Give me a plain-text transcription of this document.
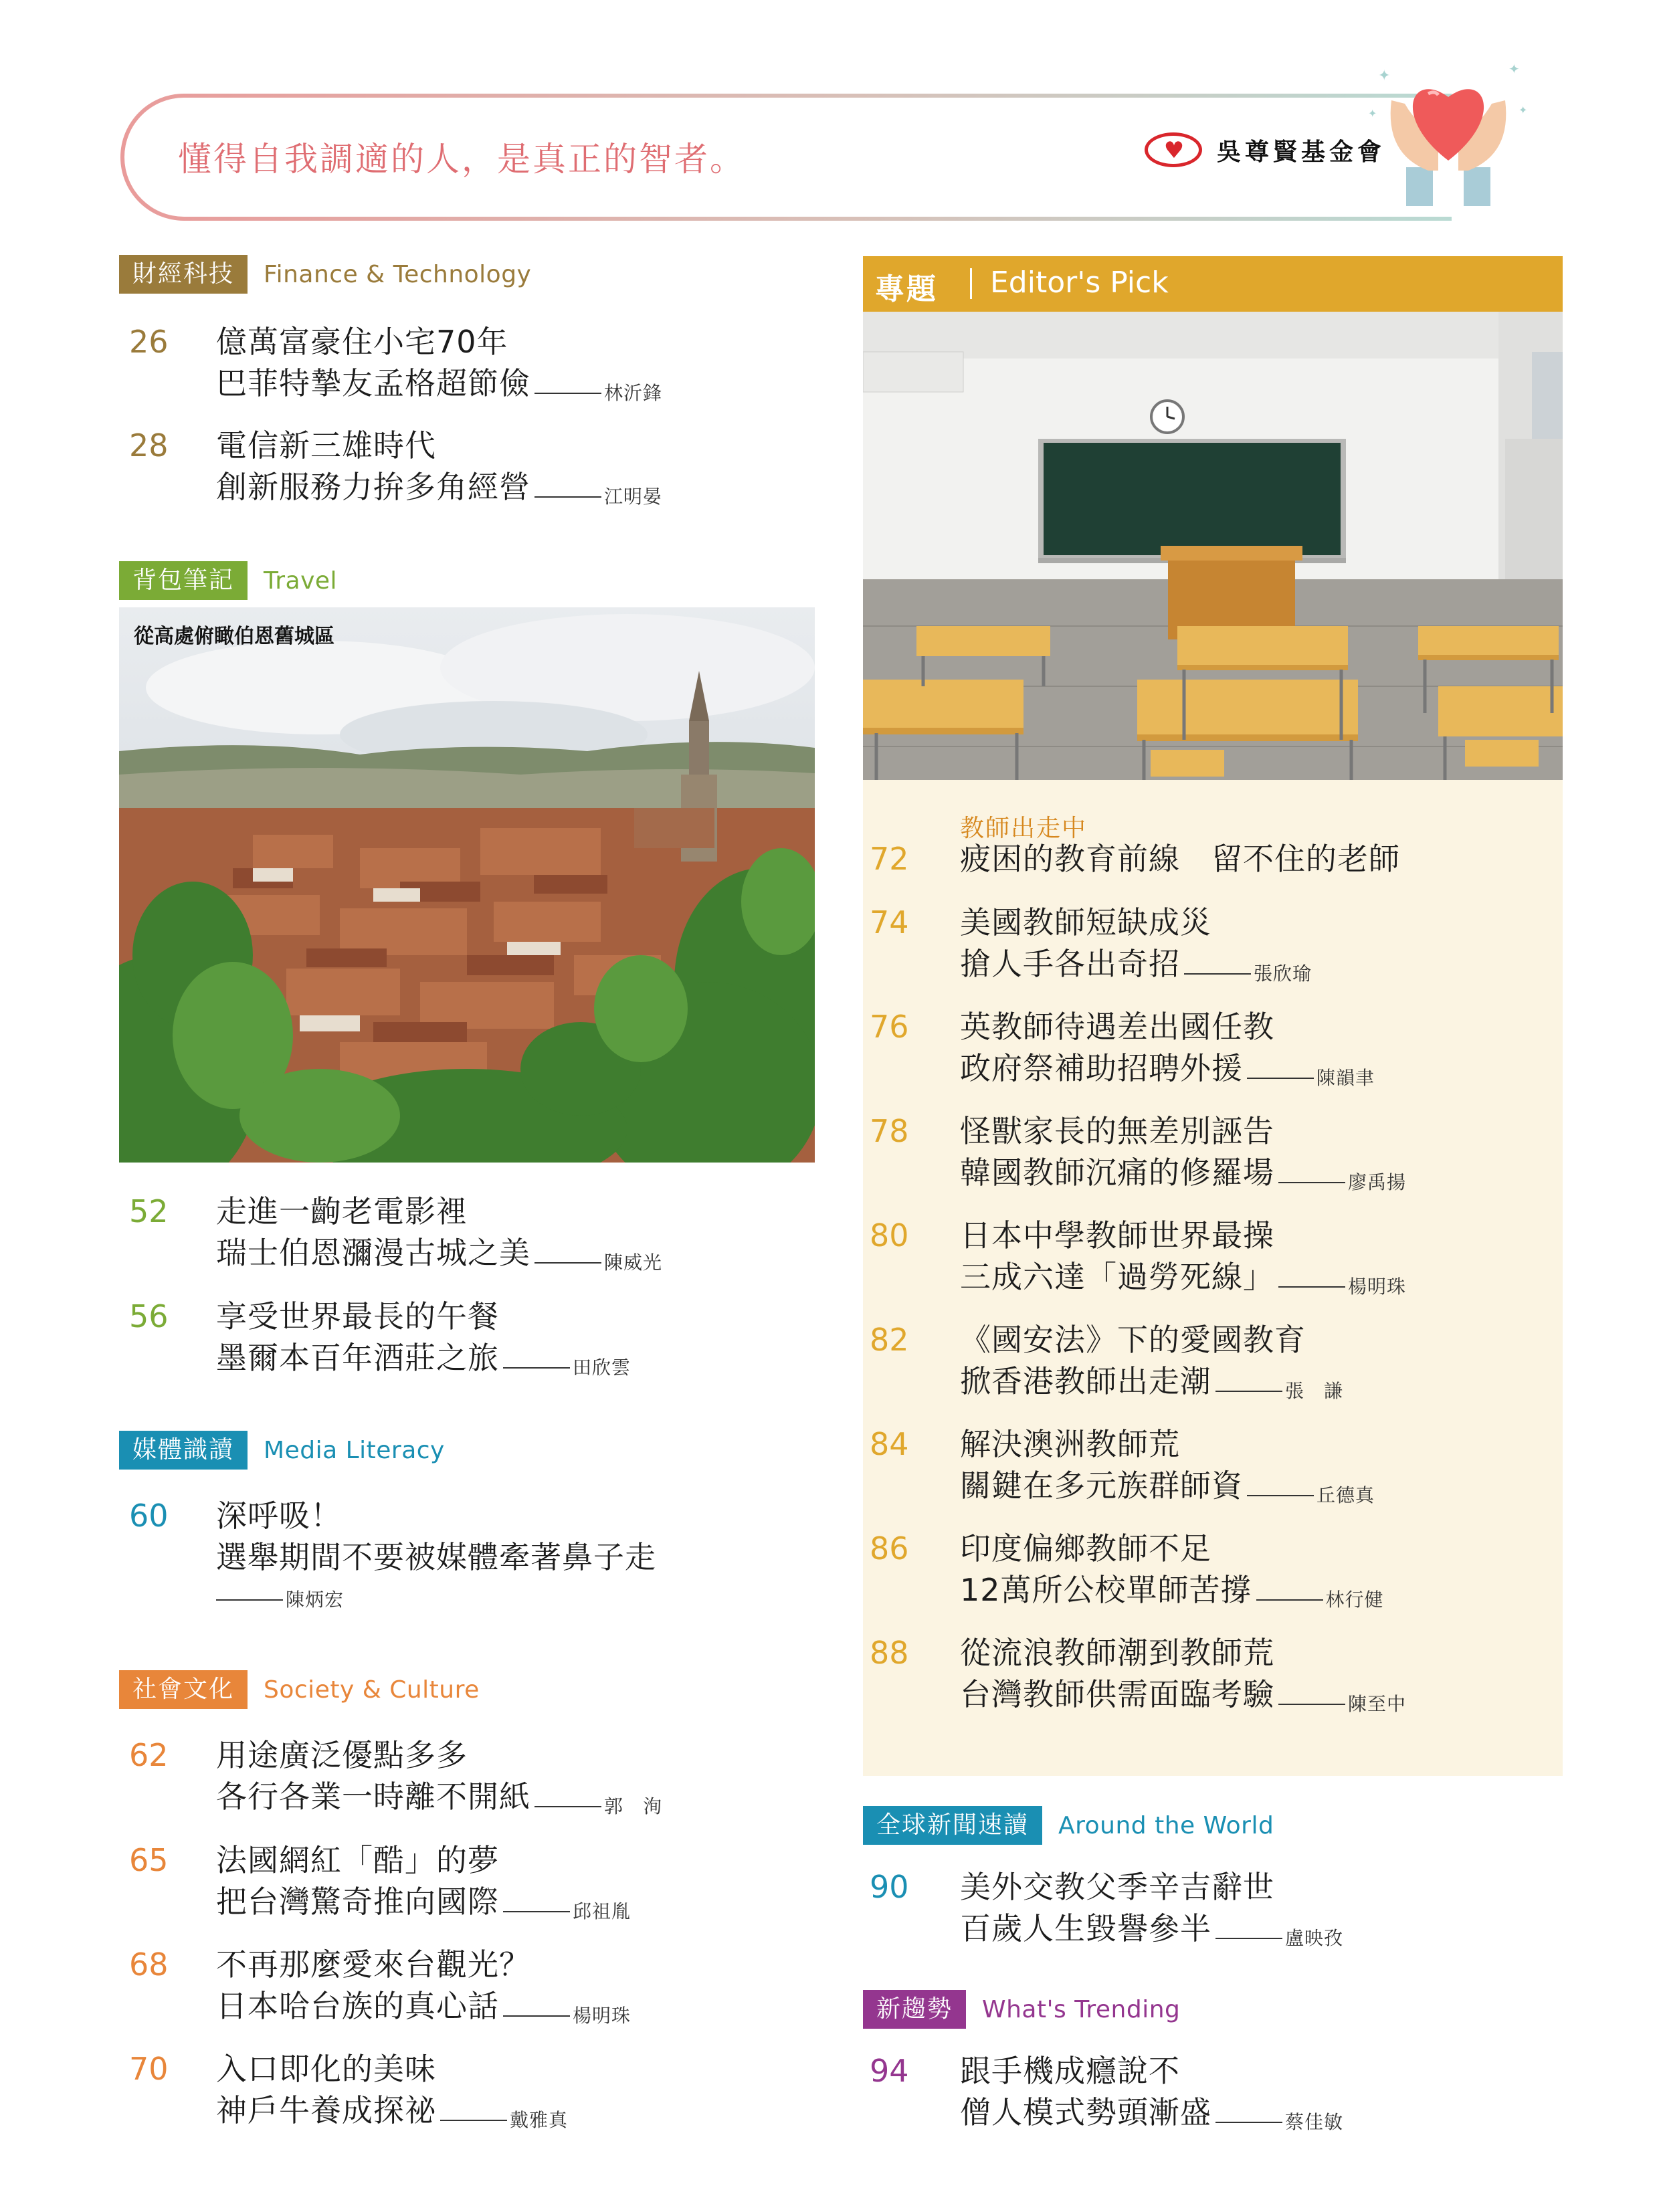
懂得自我調適的人，是真正的智者。	♥ 吳尊賢基金會
✦	✦
✦
✦
財經科技	Finance & Technology
26 億萬富豪住小宅70年
巴菲特摯友孟格超節儉	林沂鋒
28 電信新三雄時代
創新服務力拚多角經營	江明晏
背包筆記	Travel
從高處俯瞰伯恩舊城區
52 走進一齣老電影裡
瑞士伯恩瀰漫古城之美	陳威光
56 享受世界最長的午餐
墨爾本百年酒莊之旅	田欣雲
媒體識讀	Media Literacy
60 深呼吸！
選舉期間不要被媒體牽著鼻子走
陳炳宏
社會文化	Society & Culture
62 用途廣泛優點多多
各行各業一時離不開紙	郭　洵
65 法國網紅「酷」的夢
把台灣驚奇推向國際	邱祖胤
68 不再那麼愛來台觀光？
日本哈台族的真心話	楊明珠
70 入口即化的美味
神戶牛養成探祕	戴雅真
專題 Editor's Pick
教師出走中
72 疲困的教育前線　留不住的老師
74 美國教師短缺成災
搶人手各出奇招	張欣瑜
76 英教師待遇差出國任教
政府祭補助招聘外援	陳韻聿
78 怪獸家長的無差別誣告
韓國教師沉痛的修羅場	廖禹揚
80 日本中學教師世界最操
三成六達「過勞死線」	楊明珠
82 《國安法》下的愛國教育
掀香港教師出走潮	張　謙
84 解決澳洲教師荒
關鍵在多元族群師資	丘德真
86 印度偏鄉教師不足
12萬所公校單師苦撐	林行健
88 從流浪教師潮到教師荒
台灣教師供需面臨考驗	陳至中
全球新聞速讀	Around the World
90 美外交教父季辛吉辭世
百歲人生毀譽參半	盧映孜
新趨勢	What's Trending
94 跟手機成癮說不
僧人模式勢頭漸盛	蔡佳敏
